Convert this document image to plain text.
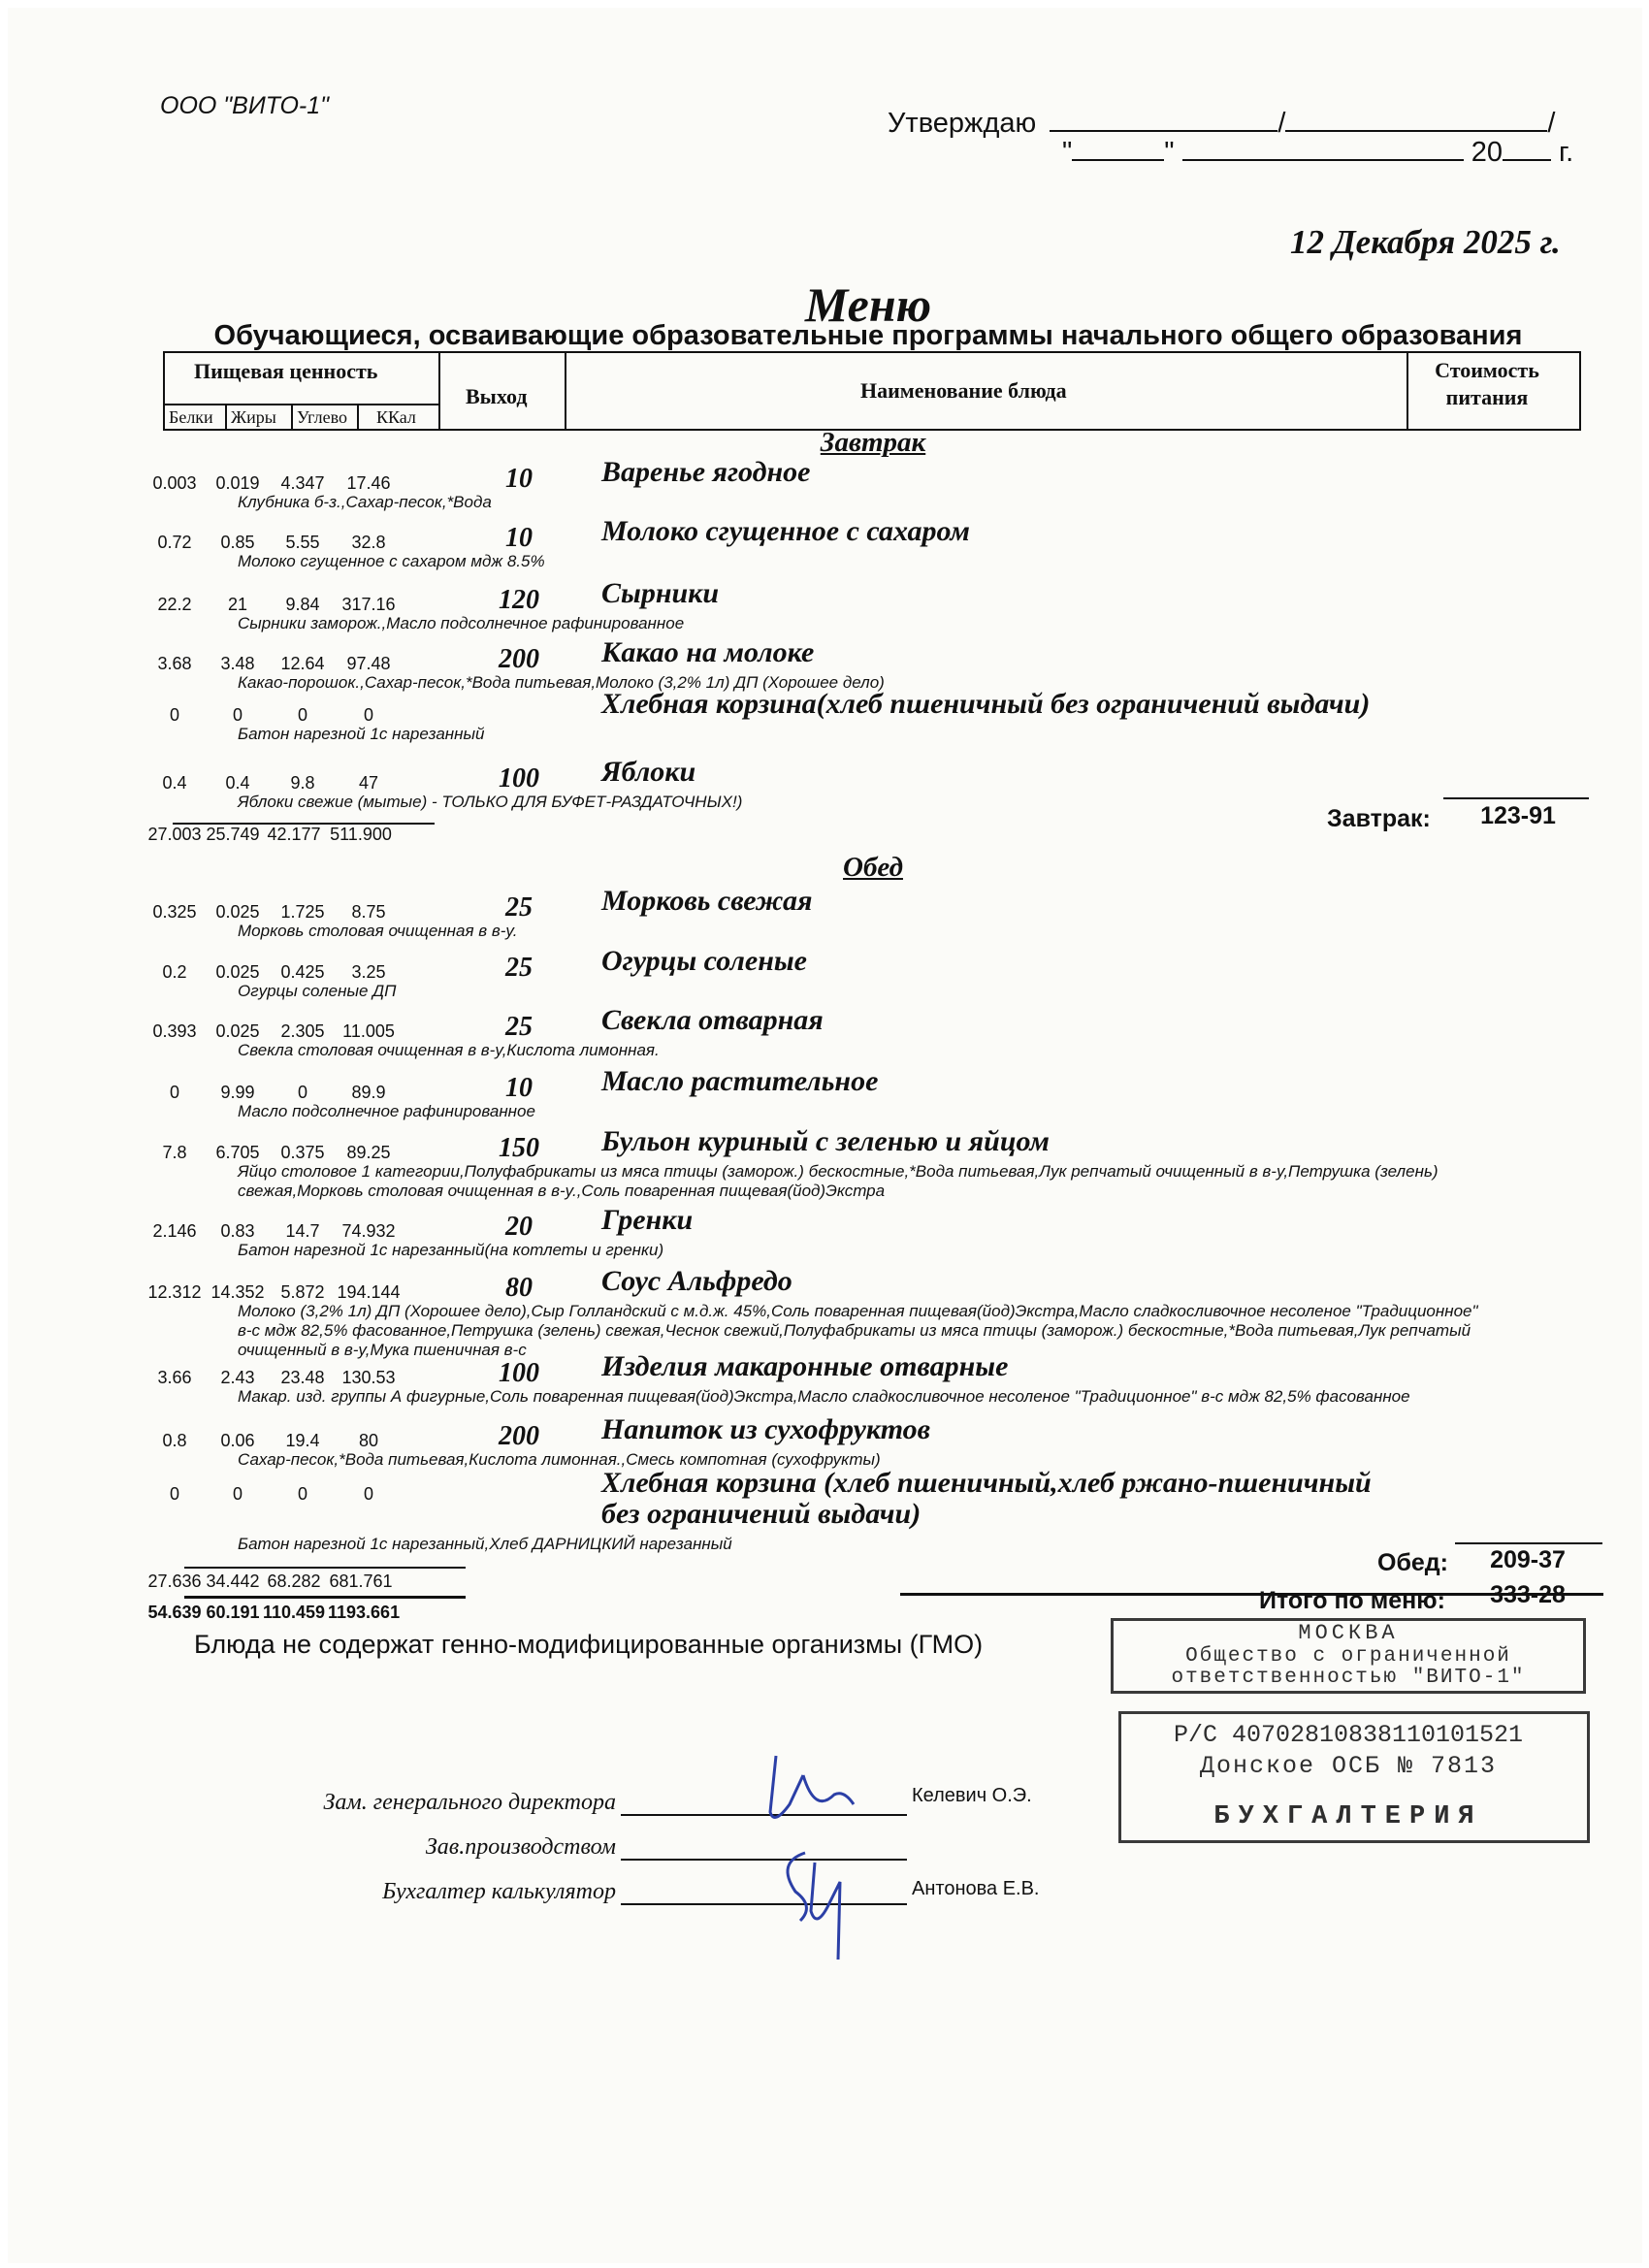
ООО "ВИТО-1"
Утверждаю	/	/
"	"	20 г.
12 Декабря 2025 г.
Меню
Обучающиеся, осваивающие образовательные программы начального общего образования
Пищевая ценность
Белки Жиры Углево ККал
Выход	Наименование блюда
Стоимость питания
Завтрак
0.003	0.019	4.347	17.46	10	Варенье ягодное
Клубника б-з.,Сахар-песок,*Вода
0.72	0.85	5.55	32.8	10	Молоко сгущенное с сахаром
Молоко сгущенное с сахаром мдж 8.5%
22.2	21	9.84	317.16	120	Сырники
Сырники заморож.,Масло подсолнечное рафинированное
3.68	3.48	12.64	97.48	200	Какао на молоке
Какао-порошок.,Сахар-песок,*Вода питьевая,Молоко (3,2% 1л) ДП (Хорошее дело)
0	0	0	0	Хлебная корзина(хлеб пшеничный без ограничений выдачи)
Батон нарезной 1с нарезанный
0.4	0.4	9.8	47	100	Яблоки
Яблоки свежие (мытые) - ТОЛЬКО ДЛЯ БУФЕТ-РАЗДАТОЧНЫХ!)
27.003 25.749 42.177 511.900
Завтрак:	123-91
Обед
0.325	0.025	1.725	8.75	25	Морковь свежая
Морковь столовая очищенная в в-у.
0.2	0.025	0.425	3.25	25	Огурцы соленые
Огурцы соленые ДП
0.393	0.025	2.305	11.005	25	Свекла отварная
Свекла столовая очищенная в в-у,Кислота лимонная.
0	9.99	0	89.9	10	Масло растительное
Масло подсолнечное рафинированное
7.8	6.705	0.375	89.25	150	Бульон куриный с зеленью и яйцом
Яйцо столовое 1 категории,Полуфабрикаты из мяса птицы (заморож.) бескостные,*Вода питьевая,Лук репчатый очищенный в в-у,Петрушка (зелень)
свежая,Морковь столовая очищенная в в-у.,Соль поваренная пищевая(йод)Экстра
2.146	0.83	14.7	74.932	20	Гренки
Батон нарезной 1с нарезанный(на котлеты и гренки)
12.312 14.352 5.872 194.144	80	Соус Альфредо
Молоко (3,2% 1л) ДП (Хорошее дело),Сыр Голландский с м.д.ж. 45%,Соль поваренная пищевая(йод)Экстра,Масло сладкосливочное несоленое "Традиционное"
в-с мдж 82,5% фасованное,Петрушка (зелень) свежая,Чеснок свежий,Полуфабрикаты из мяса птицы (заморож.) бескостные,*Вода питьевая,Лук репчатый
очищенный в в-у,Мука пшеничная в-с
3.66	2.43	23.48 130.53	100	Изделия макаронные отварные
Макар. изд. группы А фигурные,Соль поваренная пищевая(йод)Экстра,Масло сладкосливочное несоленое "Традиционное" в-с мдж 82,5% фасованное
0.8	0.06	19.4	80	200	Напиток из сухофруктов
Сахар-песок,*Вода питьевая,Кислота лимонная.,Смесь компотная (сухофрукты)
0	0	0	0	Хлебная корзина (хлеб пшеничный,хлеб ржано-пшеничный
без ограничений выдачи)
Батон нарезной 1с нарезанный,Хлеб ДАРНИЦКИЙ нарезанный
27.636 34.442 68.282 681.761
Обед:	209-37
54.639 60.191 110.459 1193.661	Итого по меню:	333-28
Блюда не содержат генно-модифицированные организмы (ГМО)
Зам. генерального директора	Келевич О.Э.
Зав.производством
Бухгалтер калькулятор	Антонова Е.В.
МОСКВА
Общество с ограниченной
ответственностью "ВИТО-1"
Р/С 40702810838110101521
Донское ОСБ № 7813
БУХГАЛТЕРИЯ
